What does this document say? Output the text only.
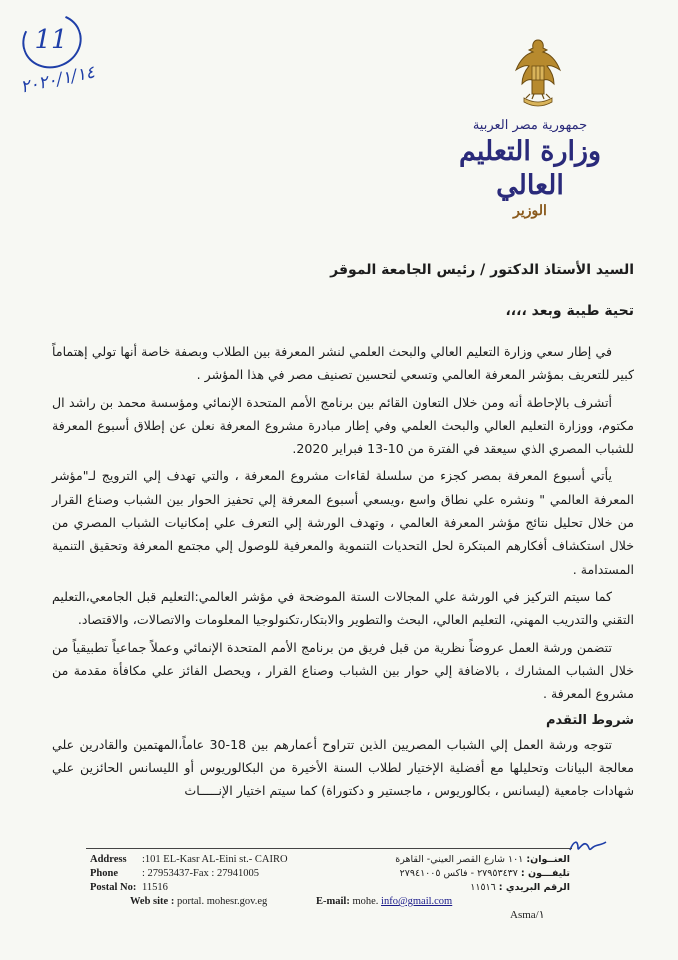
11
٢٠٢٠/١/١٤
جمهورية مصر العربية
وزارة التعليم العالي
الوزير
السيد الأستاذ الدكتور / رئيس الجامعة الموقر
تحية طيبة وبعد ،،،،

في إطار سعي وزارة التعليم العالي والبحث العلمي لنشر المعرفة بين الطلاب وبصفة خاصة أنها تولي إهتماماً كبير للتعريف بمؤشر المعرفة العالمي وتسعي لتحسين تصنيف مصر في هذا المؤشر .

أتشرف بالإحاطة أنه ومن خلال التعاون القائم بين برنامج الأمم المتحدة الإنمائي ومؤسسة محمد بن راشد ال مكتوم، ووزارة التعليم العالي والبحث العلمي وفي إطار مبادرة مشروع المعرفة نعلن عن إطلاق أسبوع المعرفة للشباب المصري الذي سيعقد في الفترة من 10-13 فبراير 2020.

يأتي أسبوع المعرفة بمصر كجزء من سلسلة لقاءات مشروع المعرفة ، والتي تهدف إلي الترويج لـ"مؤشر المعرفة العالمي " ونشره علي نطاق واسع ،ويسعي أسبوع المعرفة إلي تحفيز الحوار بين الشباب وصناع القرار من خلال تحليل نتائج مؤشر المعرفة العالمي ، وتهدف الورشة إلي التعرف علي إمكانيات الشباب المصري من خلال استكشاف أفكارهم المبتكرة لحل التحديات التنموية والمعرفية للوصول إلي مجتمع المعرفة وتحقيق التنمية المستدامة .

كما سيتم التركيز في الورشة علي المجالات الستة الموضحة في مؤشر العالمي:التعليم قبل الجامعي،التعليم التقني والتدريب المهني، التعليم العالي، البحث والتطوير والابتكار،تكنولوجيا المعلومات والاتصالات، والاقتصاد.

تتضمن ورشة العمل عروضاً نظرية من قبل فريق من برنامج الأمم المتحدة الإنمائي وعملاً جماعياً تطبيقياً من خلال الشباب المشارك ، بالاضافة إلي حوار بين الشباب وصناع القرار ، ويحصل الفائز علي مكافأة مقدمة من مشروع المعرفة .

شروط التقدم

تتوجه ورشة العمل إلي الشباب المصريين الذين تتراوح أعمارهم بين 18-30 عاماً،المهتمين والقادرين علي معالجة البيانات وتحليلها مع أفضلية الإختيار لطلاب السنة الأخيرة من البكالوريوس أو الليسانس الحائزين علي شهادات جامعية (ليسانس ، بكالوريوس ، ماجستير و دكتوراة) كما سيتم اختيار الإنـــــاث

Address :101 EL-Kasr AL-Eini st.- CAIRO	العنــوان: ١٠١ شارع القصر العيني- القاهرة
Phone : 27953437-Fax : 27941005	تليفـــون : ٢٧٩٥٣٤٣٧ - فاكس ٢٧٩٤١٠٠٥
Postal No: 11516	الرقم البريدي : ١١٥١٦
Web site : portal. mohesr.gov.eg	E-mail: mohe. info@gmail.com
Asma/١
